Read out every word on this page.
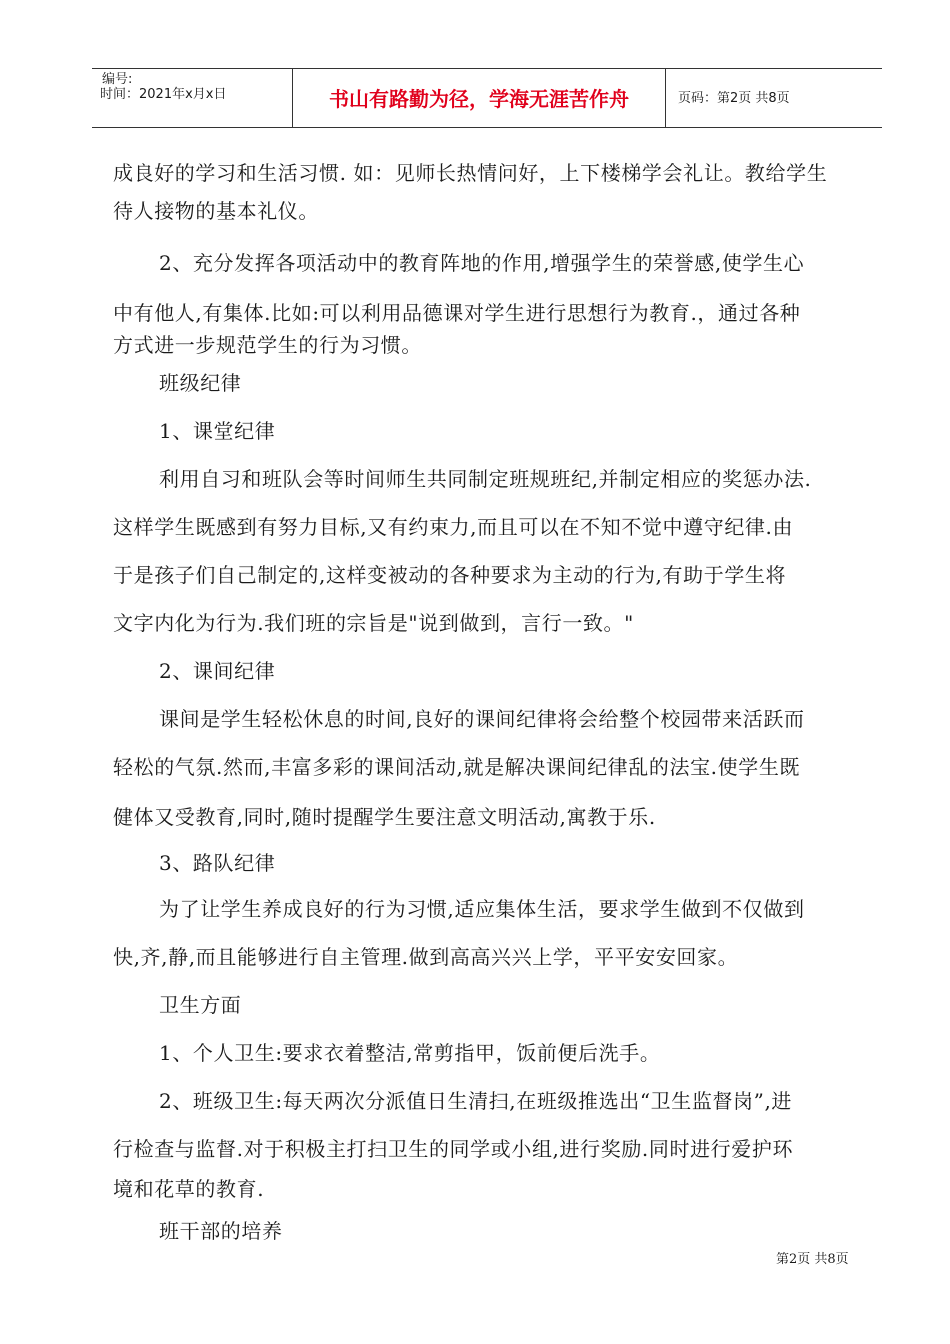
编号:
时间：2021年x月x日	书山有路勤为径，学海无涯苦作舟	页码：第2页 共8页

成良好的学习和生活习惯. 如：见师长热情问好，上下楼梯学会礼让。教给学生

待人接物的基本礼仪。

2、充分发挥各项活动中的教育阵地的作用,增强学生的荣誉感,使学生心

中有他人,有集体.比如:可以利用品德课对学生进行思想行为教育.，通过各种

方式进一步规范学生的行为习惯。

班级纪律

1、课堂纪律

利用自习和班队会等时间师生共同制定班规班纪,并制定相应的奖惩办法.

这样学生既感到有努力目标,又有约束力,而且可以在不知不觉中遵守纪律.由

于是孩子们自己制定的,这样变被动的各种要求为主动的行为,有助于学生将

文字内化为行为.我们班的宗旨是"说到做到，言行一致。"

2、课间纪律

课间是学生轻松休息的时间,良好的课间纪律将会给整个校园带来活跃而

轻松的气氛.然而,丰富多彩的课间活动,就是解决课间纪律乱的法宝.使学生既

健体又受教育,同时,随时提醒学生要注意文明活动,寓教于乐.

3、路队纪律

为了让学生养成良好的行为习惯,适应集体生活，要求学生做到不仅做到

快,齐,静,而且能够进行自主管理.做到高高兴兴上学，平平安安回家。

卫生方面

1、个人卫生:要求衣着整洁,常剪指甲，饭前便后洗手。

2、班级卫生:每天两次分派值日生清扫,在班级推选出“卫生监督岗”,进

行检查与监督.对于积极主打扫卫生的同学或小组,进行奖励.同时进行爱护环

境和花草的教育.

班干部的培养

第2页 共8页
